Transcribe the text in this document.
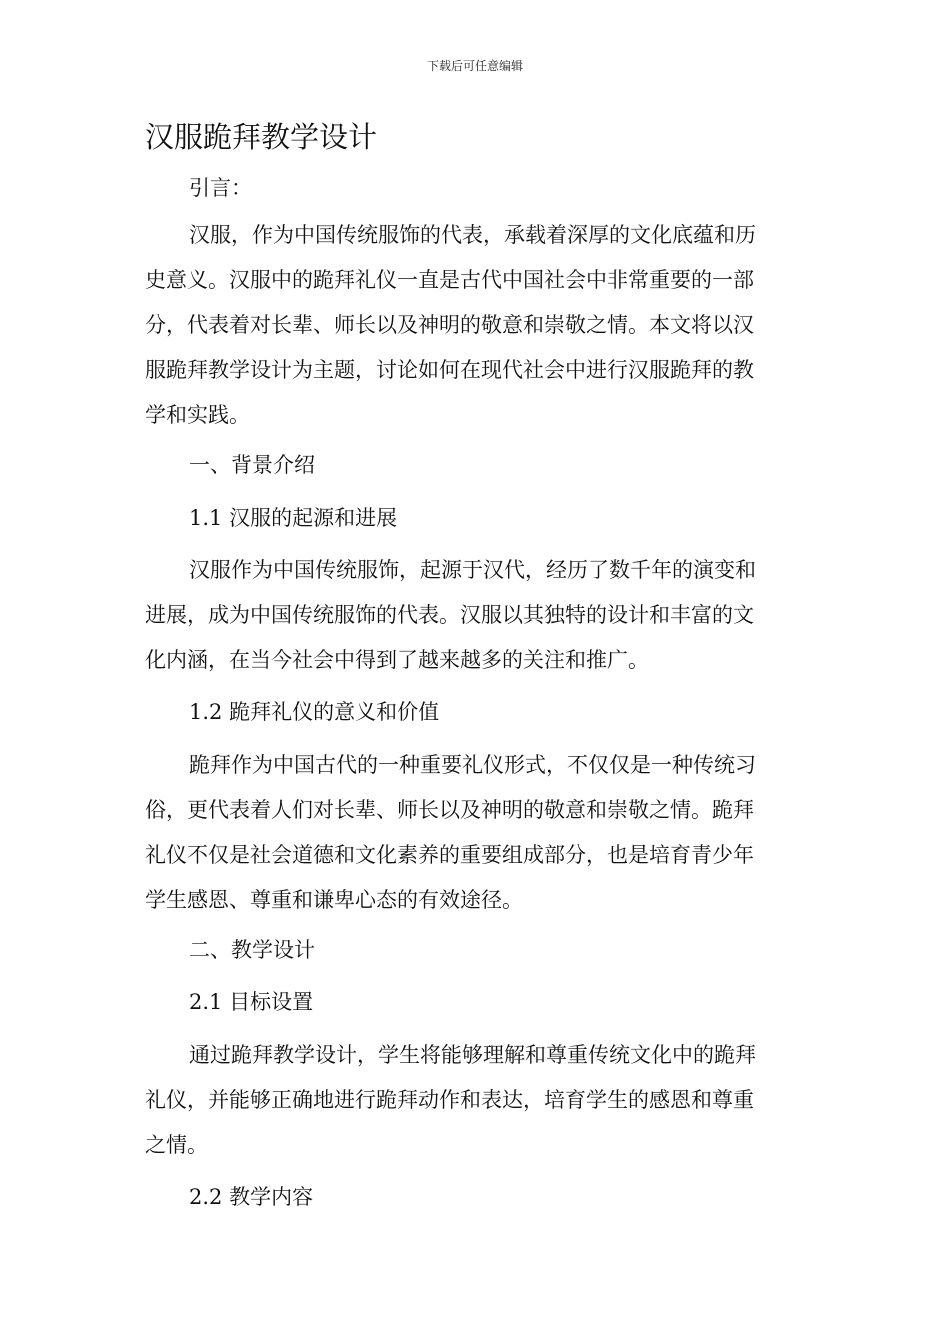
下载后可任意编辑
汉服跪拜教学设计

引言：

汉服，作为中国传统服饰的代表，承载着深厚的文化底蕴和历
史意义。汉服中的跪拜礼仪一直是古代中国社会中非常重要的一部
分，代表着对长辈、师长以及神明的敬意和崇敬之情。本文将以汉
服跪拜教学设计为主题，讨论如何在现代社会中进行汉服跪拜的教
学和实践。

一、背景介绍

1.1 汉服的起源和进展

汉服作为中国传统服饰，起源于汉代，经历了数千年的演变和
进展，成为中国传统服饰的代表。汉服以其独特的设计和丰富的文
化内涵，在当今社会中得到了越来越多的关注和推广。

1.2 跪拜礼仪的意义和价值

跪拜作为中国古代的一种重要礼仪形式，不仅仅是一种传统习
俗，更代表着人们对长辈、师长以及神明的敬意和崇敬之情。跪拜
礼仪不仅是社会道德和文化素养的重要组成部分，也是培育青少年
学生感恩、尊重和谦卑心态的有效途径。

二、教学设计

2.1 目标设置

通过跪拜教学设计，学生将能够理解和尊重传统文化中的跪拜
礼仪，并能够正确地进行跪拜动作和表达，培育学生的感恩和尊重
之情。

2.2 教学内容
